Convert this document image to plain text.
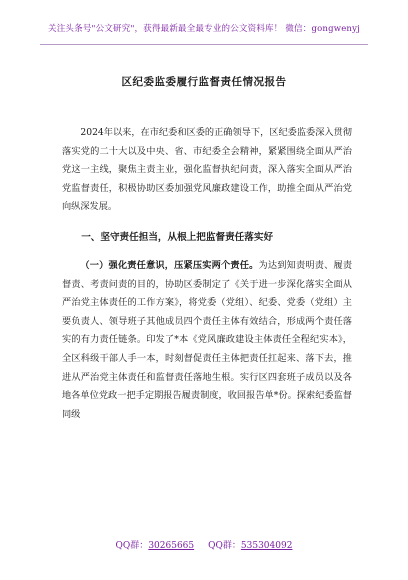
关注头条号"公文研究"，获得最新最全最专业的公文资料库！ 微信：gongwenyj
区纪委监委履行监督责任情况报告

2024年以来，在市纪委和区委的正确领导下，区纪委监委深入贯彻落实党的二十大以及中央、省、市纪委全会精神，紧紧围绕全面从严治党这一主线，聚焦主责主业，强化监督执纪问责，深入落实全面从严治党监督责任，积极协助区委加强党风廉政建设工作，助推全面从严治党向纵深发展。

一、坚守责任担当，从根上把监督责任落实好

（一）强化责任意识，压紧压实两个责任。为达到知责明责、履责督责、考责问责的目的，协助区委制定了《关于进一步深化落实全面从严治党主体责任的工作方案》，将党委（党组）、纪委、党委（党组）主要负责人、领导班子其他成员四个责任主体有效结合，形成两个责任落实的有力责任链条。印发了*本《党风廉政建设主体责任全程纪实本》，全区科级干部人手一本，时刻督促责任主体把责任扛起来、落下去，推进从严治党主体责任和监督责任落地生根。实行区四套班子成员以及各地各单位党政一把手定期报告履责制度，收回报告单*份。探索纪委监督同级

QQ群：30265665 QQ群：535304092
